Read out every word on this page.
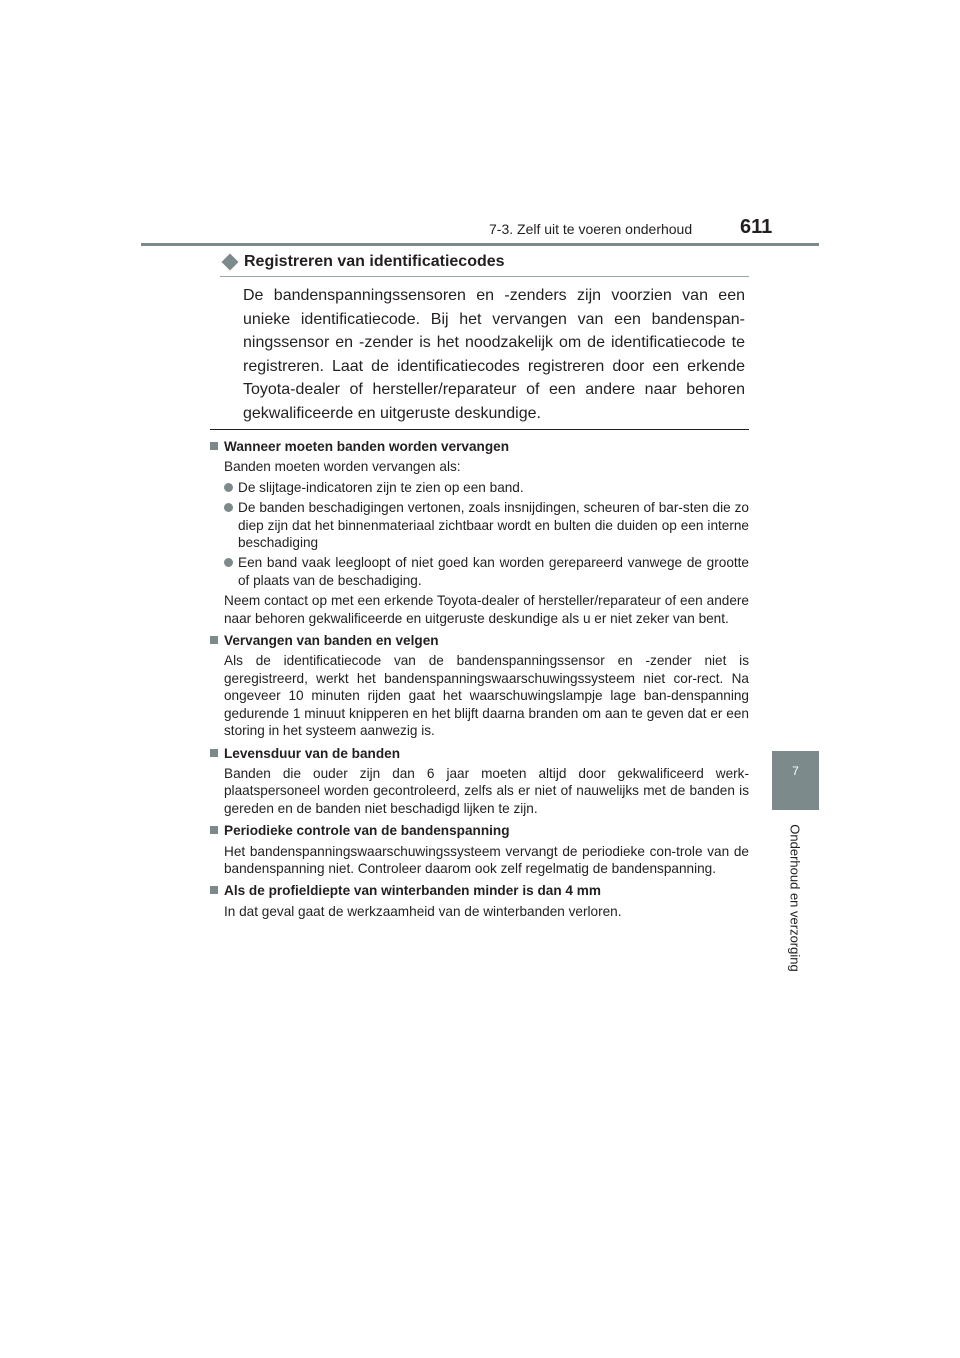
7-3. Zelf uit te voeren onderhoud 611
7
Onderhoud en verzorging
Registreren van identificatiecodes
De bandenspanningssensoren en -zenders zijn voorzien van een unieke identificatiecode. Bij het vervangen van een bandenspan-ningssensor en -zender is het noodzakelijk om de identificatiecode te registreren. Laat de identificatiecodes registreren door een erkende Toyota-dealer of hersteller/reparateur of een andere naar behoren gekwalificeerde en uitgeruste deskundige.
Wanneer moeten banden worden vervangen
Banden moeten worden vervangen als:
De slijtage-indicatoren zijn te zien op een band.
De banden beschadigingen vertonen, zoals insnijdingen, scheuren of bar-sten die zo diep zijn dat het binnenmateriaal zichtbaar wordt en bulten die duiden op een interne beschadiging
Een band vaak leegloopt of niet goed kan worden gerepareerd vanwege de grootte of plaats van de beschadiging.
Neem contact op met een erkende Toyota-dealer of hersteller/reparateur of een andere naar behoren gekwalificeerde en uitgeruste deskundige als u er niet zeker van bent.
Vervangen van banden en velgen
Als de identificatiecode van de bandenspanningssensor en -zender niet is geregistreerd, werkt het bandenspanningswaarschuwingssysteem niet cor-rect. Na ongeveer 10 minuten rijden gaat het waarschuwingslampje lage ban-denspanning gedurende 1 minuut knipperen en het blijft daarna branden om aan te geven dat er een storing in het systeem aanwezig is.
Levensduur van de banden
Banden die ouder zijn dan 6 jaar moeten altijd door gekwalificeerd werk-plaatspersoneel worden gecontroleerd, zelfs als er niet of nauwelijks met de banden is gereden en de banden niet beschadigd lijken te zijn.
Periodieke controle van de bandenspanning
Het bandenspanningswaarschuwingssysteem vervangt de periodieke con-trole van de bandenspanning niet. Controleer daarom ook zelf regelmatig de bandenspanning.
Als de profieldiepte van winterbanden minder is dan 4 mm
In dat geval gaat de werkzaamheid van de winterbanden verloren.
